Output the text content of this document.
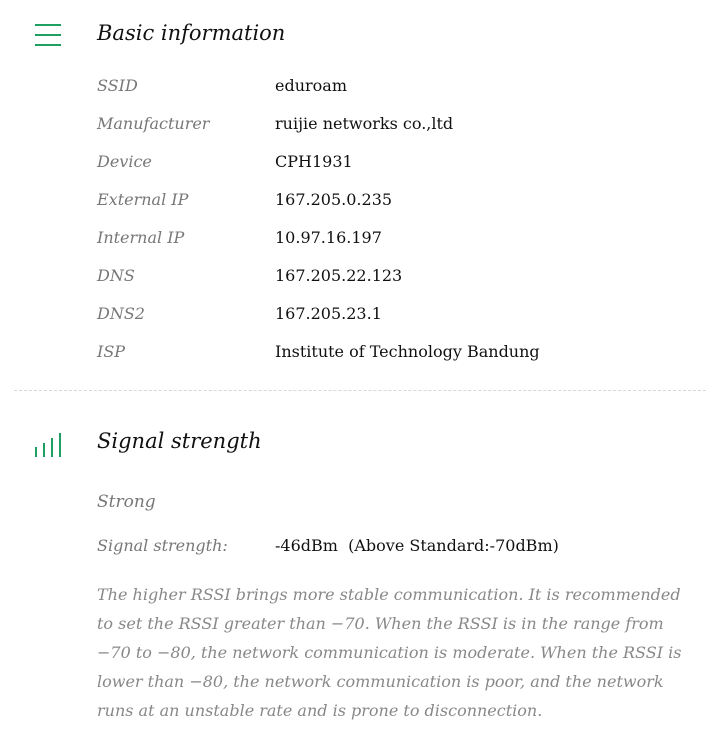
Basic information
SSID	eduroam
Manufacturer	ruijie networks co.,ltd
Device	CPH1931
External IP	167.205.0.235
Internal IP	10.97.16.197
DNS	167.205.22.123
DNS2	167.205.23.1
ISP	Institute of Technology Bandung
Signal strength
Strong
Signal strength:	-46dBm  (Above Standard:-70dBm)
The higher RSSI brings more stable communication. It is recommended to set the RSSI greater than −70. When the RSSI is in the range from −70 to −80, the network communication is moderate. When the RSSI is lower than −80, the network communication is poor, and the network runs at an unstable rate and is prone to disconnection.
